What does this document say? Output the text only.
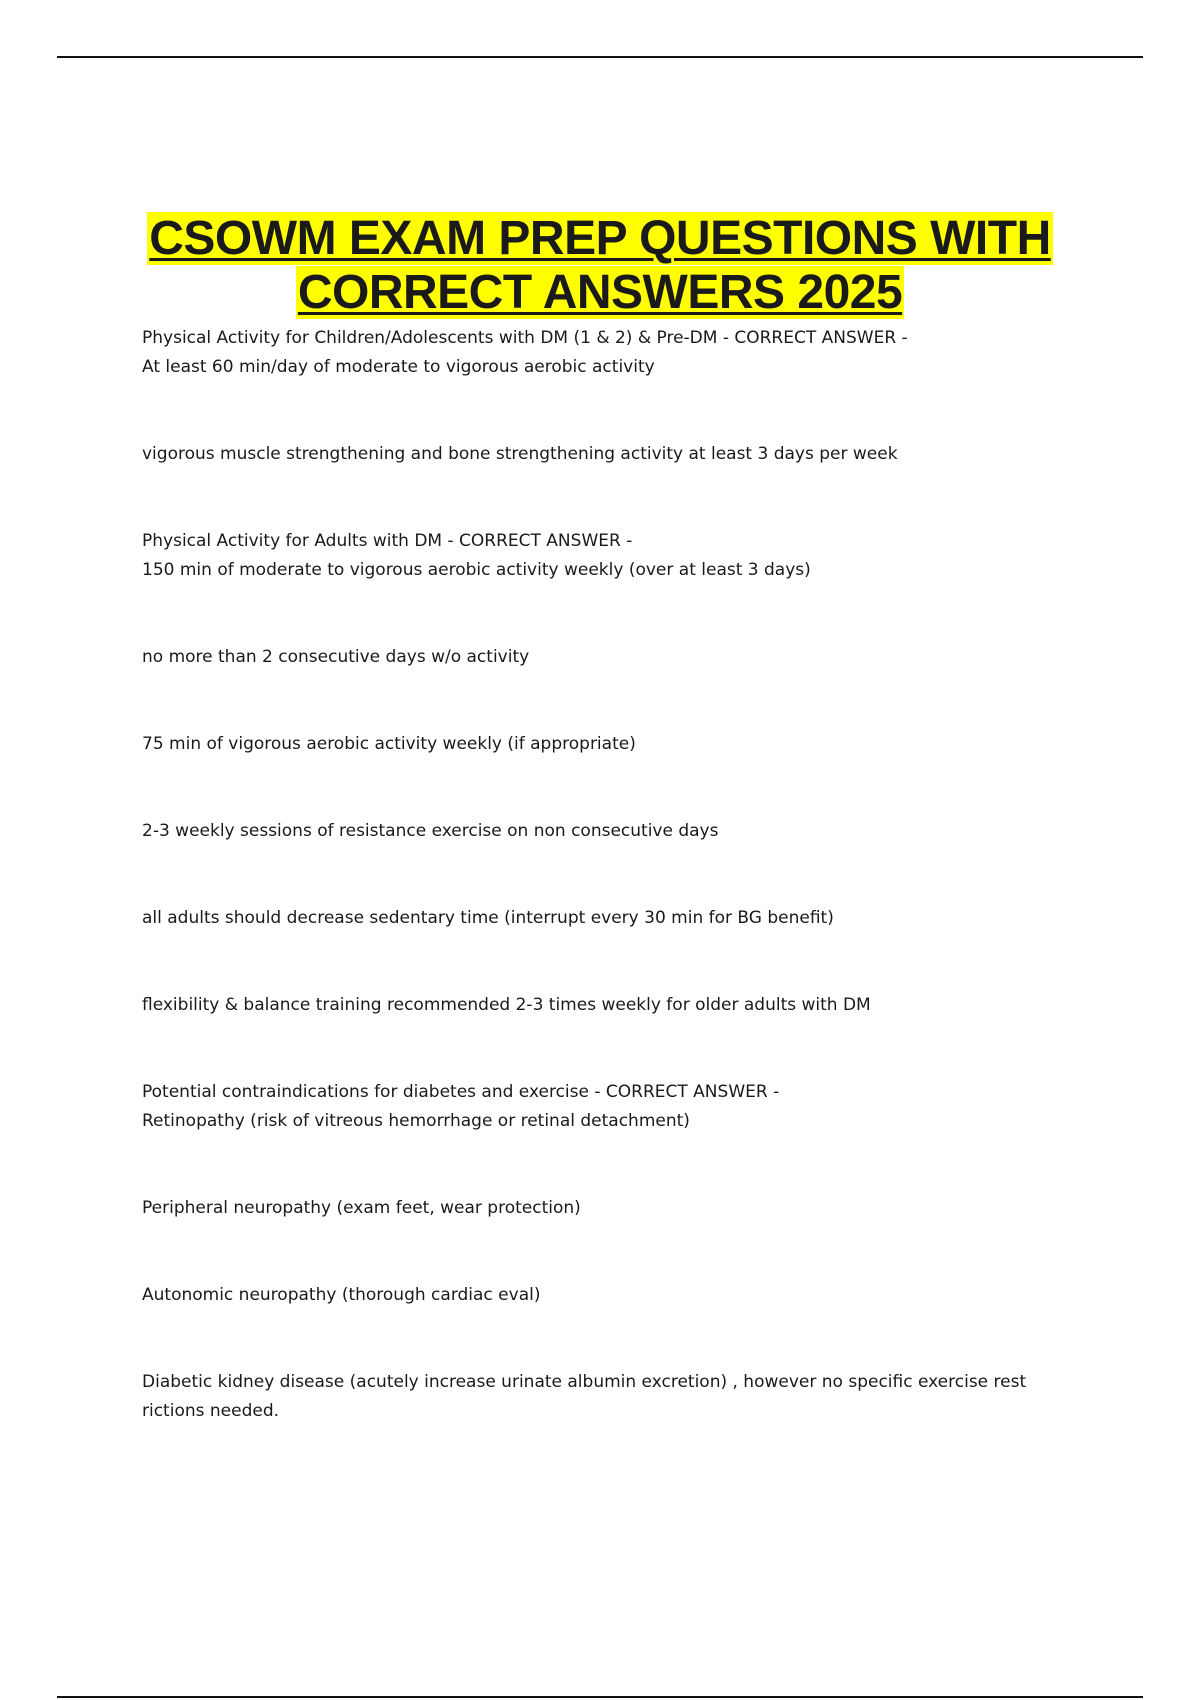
CSOWM EXAM PREP QUESTIONS WITH
CORRECT ANSWERS 2025

Physical Activity for Children/Adolescents with DM (1 & 2) & Pre-DM - CORRECT ANSWER -
At least 60 min/day of moderate to vigorous aerobic activity

vigorous muscle strengthening and bone strengthening activity at least 3 days per week

Physical Activity for Adults with DM - CORRECT ANSWER -
150 min of moderate to vigorous aerobic activity weekly (over at least 3 days)

no more than 2 consecutive days w/o activity

75 min of vigorous aerobic activity weekly (if appropriate)

2-3 weekly sessions of resistance exercise on non consecutive days

all adults should decrease sedentary time (interrupt every 30 min for BG benefit)

flexibility & balance training recommended 2-3 times weekly for older adults with DM

Potential contraindications for diabetes and exercise - CORRECT ANSWER -
Retinopathy (risk of vitreous hemorrhage or retinal detachment)

Peripheral neuropathy (exam feet, wear protection)

Autonomic neuropathy (thorough cardiac eval)

Diabetic kidney disease (acutely increase urinate albumin excretion) , however no specific exercise rest
rictions needed.
